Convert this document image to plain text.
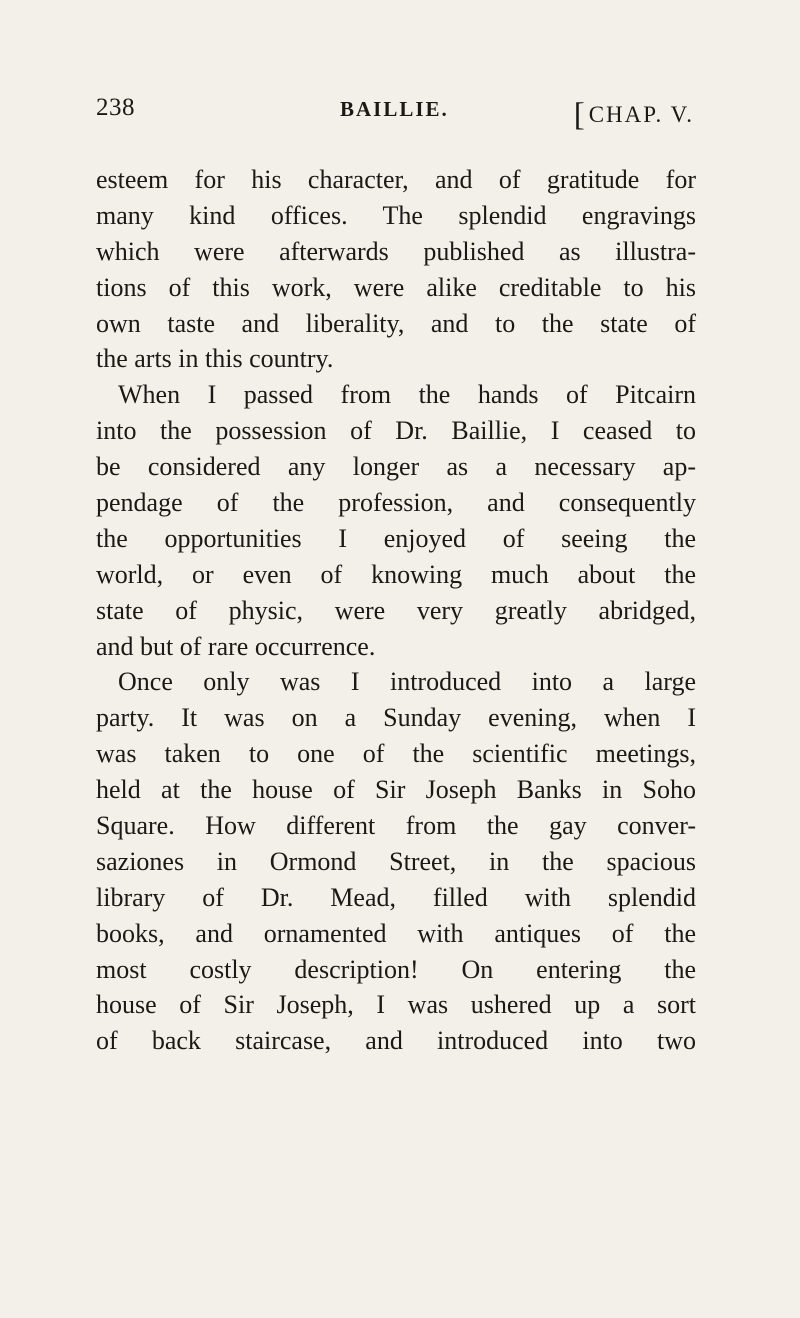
238	BAILLIE.	[CHAP. V.
esteem for his character, and of gratitude for
many kind offices. The splendid engravings
which were afterwards published as illustra-
tions of this work, were alike creditable to his
own taste and liberality, and to the state of
the arts in this country.
When I passed from the hands of Pitcairn
into the possession of Dr. Baillie, I ceased to
be considered any longer as a necessary ap-
pendage of the profession, and consequently
the opportunities I enjoyed of seeing the
world, or even of knowing much about the
state of physic, were very greatly abridged,
and but of rare occurrence.
Once only was I introduced into a large
party. It was on a Sunday evening, when I
was taken to one of the scientific meetings,
held at the house of Sir Joseph Banks in Soho
Square. How different from the gay conver-
saziones in Ormond Street, in the spacious
library of Dr. Mead, filled with splendid
books, and ornamented with antiques of the
most costly description! On entering the
house of Sir Joseph, I was ushered up a sort
of back staircase, and introduced into two
